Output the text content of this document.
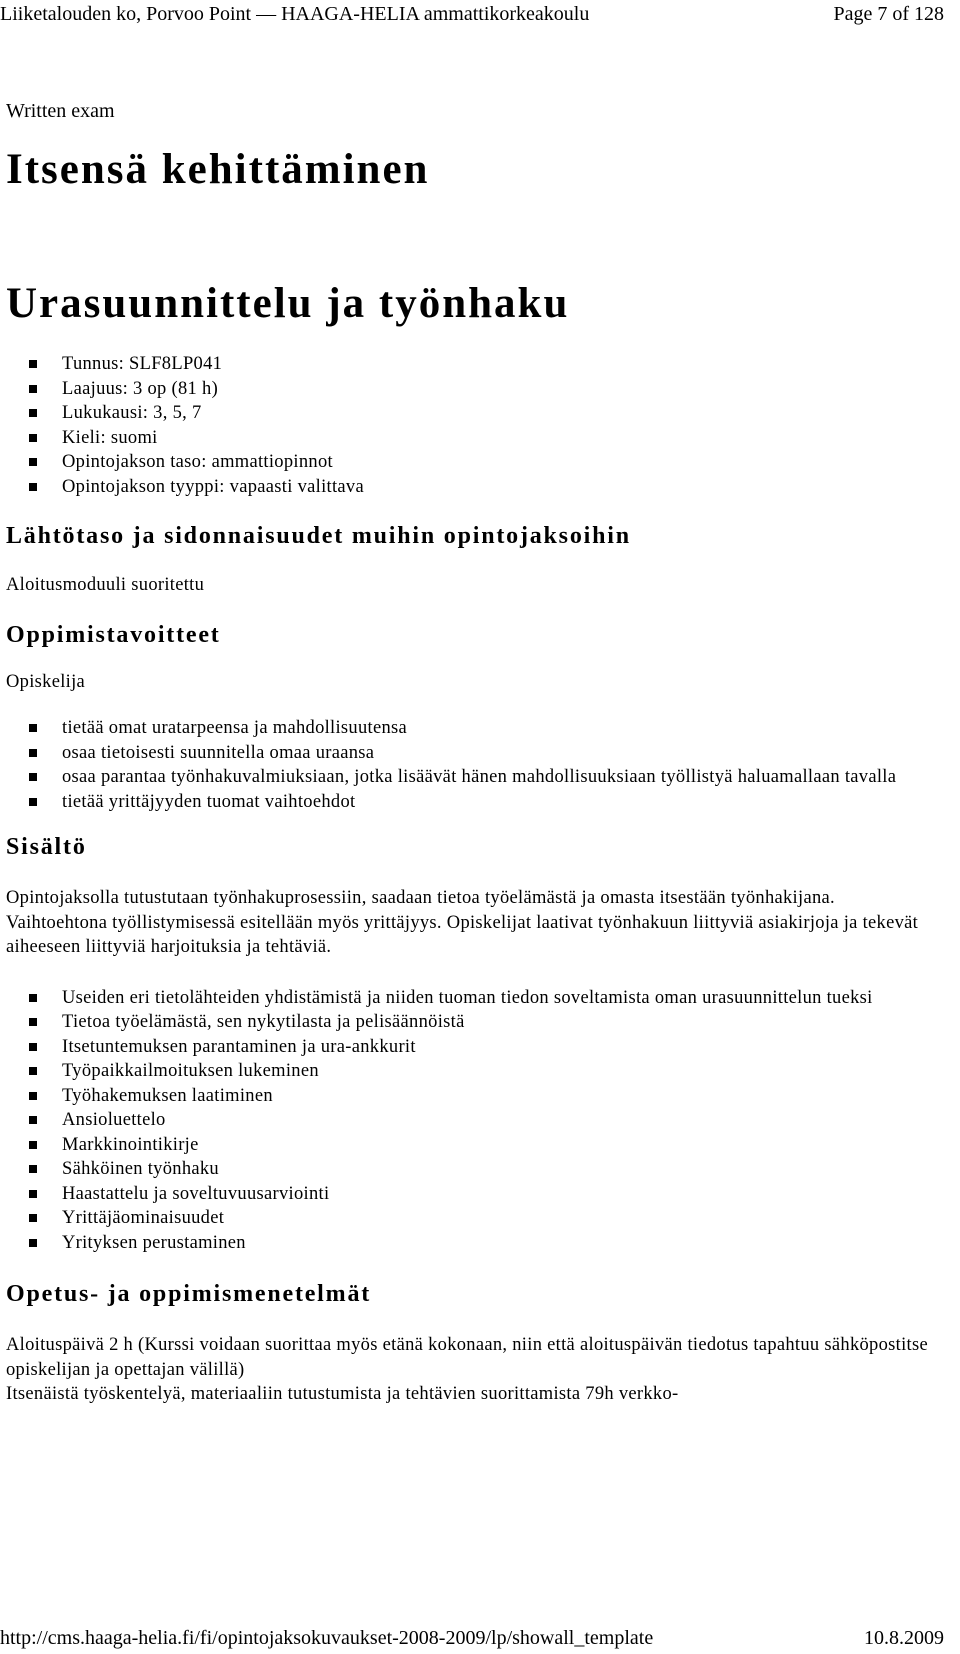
Liiketalouden ko, Porvoo Point — HAAGA-HELIA ammattikorkeakoulu	Page 7 of 128
Written exam
Itsensä kehittäminen
Urasuunnittelu ja työnhaku
Tunnus: SLF8LP041
Laajuus: 3 op (81 h)
Lukukausi: 3, 5, 7
Kieli: suomi
Opintojakson taso: ammattiopinnot
Opintojakson tyyppi: vapaasti valittava
Lähtötaso ja sidonnaisuudet muihin opintojaksoihin

Aloitusmoduuli suoritettu

Oppimistavoitteet

Opiskelija

tietää omat uratarpeensa ja mahdollisuutensa
osaa tietoisesti suunnitella omaa uraansa
osaa parantaa työnhakuvalmiuksiaan, jotka lisäävät hänen mahdollisuuksiaan työllistyä haluamallaan tavalla
tietää yrittäjyyden tuomat vaihtoehdot
Sisältö

Opintojaksolla tutustutaan työnhakuprosessiin, saadaan tietoa työelämästä ja omasta itsestään työnhakijana. Vaihtoehtona työllistymisessä esitellään myös yrittäjyys. Opiskelijat laativat työnhakuun liittyviä asiakirjoja ja tekevät aiheeseen liittyviä harjoituksia ja tehtäviä.

Useiden eri tietolähteiden yhdistämistä ja niiden tuoman tiedon soveltamista oman urasuunnittelun tueksi
Tietoa työelämästä, sen nykytilasta ja pelisäännöistä
Itsetuntemuksen parantaminen ja ura-ankkurit
Työpaikkailmoituksen lukeminen
Työhakemuksen laatiminen
Ansioluettelo
Markkinointikirje
Sähköinen työnhaku
Haastattelu ja soveltuvuusarviointi
Yrittäjäominaisuudet
Yrityksen perustaminen
Opetus- ja oppimismenetelmät

Aloituspäivä 2 h (Kurssi voidaan suorittaa myös etänä kokonaan, niin että aloituspäivän tiedotus tapahtuu sähköpostitse opiskelijan ja opettajan välillä)

Itsenäistä työskentelyä, materiaaliin tutustumista ja tehtävien suorittamista 79h verkko-

http://cms.haaga-helia.fi/fi/opintojaksokuvaukset-2008-2009/lp/showall_template	10.8.2009
